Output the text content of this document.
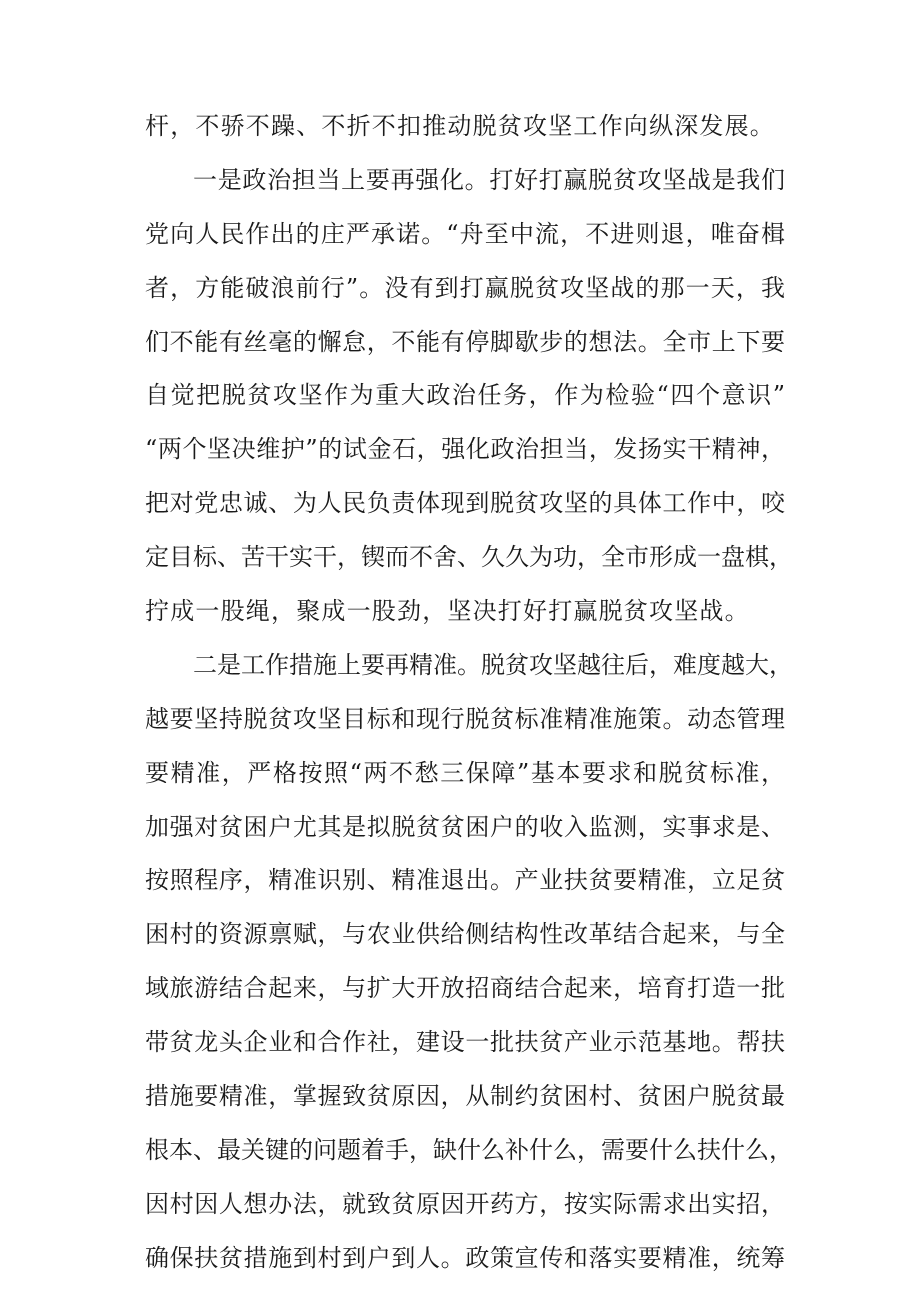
杆，不骄不躁、不折不扣推动脱贫攻坚工作向纵深发展。
一是政治担当上要再强化。打好打赢脱贫攻坚战是我们
党向人民作出的庄严承诺。“舟至中流，不进则退，唯奋楫
者，方能破浪前行”。没有到打赢脱贫攻坚战的那一天，我
们不能有丝毫的懈怠，不能有停脚歇步的想法。全市上下要
自觉把脱贫攻坚作为重大政治任务，作为检验“四个意识”
“两个坚决维护”的试金石，强化政治担当，发扬实干精神，
把对党忠诚、为人民负责体现到脱贫攻坚的具体工作中，咬
定目标、苦干实干，锲而不舍、久久为功，全市形成一盘棋，
拧成一股绳，聚成一股劲，坚决打好打赢脱贫攻坚战。
二是工作措施上要再精准。脱贫攻坚越往后，难度越大，
越要坚持脱贫攻坚目标和现行脱贫标准精准施策。动态管理
要精准，严格按照“两不愁三保障”基本要求和脱贫标准，
加强对贫困户尤其是拟脱贫贫困户的收入监测，实事求是、
按照程序，精准识别、精准退出。产业扶贫要精准，立足贫
困村的资源禀赋，与农业供给侧结构性改革结合起来，与全
域旅游结合起来，与扩大开放招商结合起来，培育打造一批
带贫龙头企业和合作社，建设一批扶贫产业示范基地。帮扶
措施要精准，掌握致贫原因，从制约贫困村、贫困户脱贫最
根本、最关键的问题着手，缺什么补什么，需要什么扶什么，
因村因人想办法，就致贫原因开药方，按实际需求出实招，
确保扶贫措施到村到户到人。政策宣传和落实要精准，统筹
